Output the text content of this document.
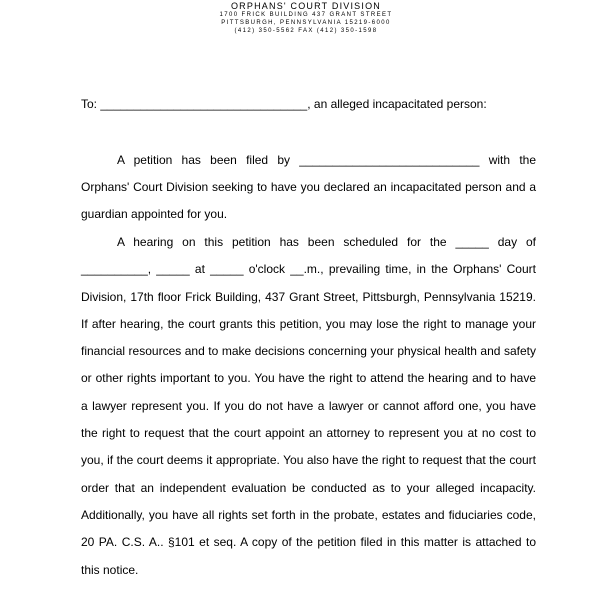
ORPHANS' COURT DIVISION
1700 FRICK BUILDING 437 GRANT STREET
PITTSBURGH, PENNSYLVANIA 15219-6000
(412) 350-5562 FAX (412) 350-1598
To: _______________________________, an alleged incapacitated person:

A petition has been filed by ___________________________ with the Orphans' Court Division seeking to have you declared an incapacitated person and a guardian appointed for you.

A hearing on this petition has been scheduled for the _____ day of __________, _____ at _____ o'clock __.m., prevailing time, in the Orphans' Court Division, 17th floor Frick Building, 437 Grant Street, Pittsburgh, Pennsylvania 15219. If after hearing, the court grants this petition, you may lose the right to manage your financial resources and to make decisions concerning your physical health and safety or other rights important to you. You have the right to attend the hearing and to have a lawyer represent you. If you do not have a lawyer or cannot afford one, you have the right to request that the court appoint an attorney to represent you at no cost to you, if the court deems it appropriate. You also have the right to request that the court order that an independent evaluation be conducted as to your alleged incapacity. Additionally, you have all rights set forth in the probate, estates and fiduciaries code, 20 PA. C.S. A.. §101 et seq. A copy of the petition filed in this matter is attached to this notice.
